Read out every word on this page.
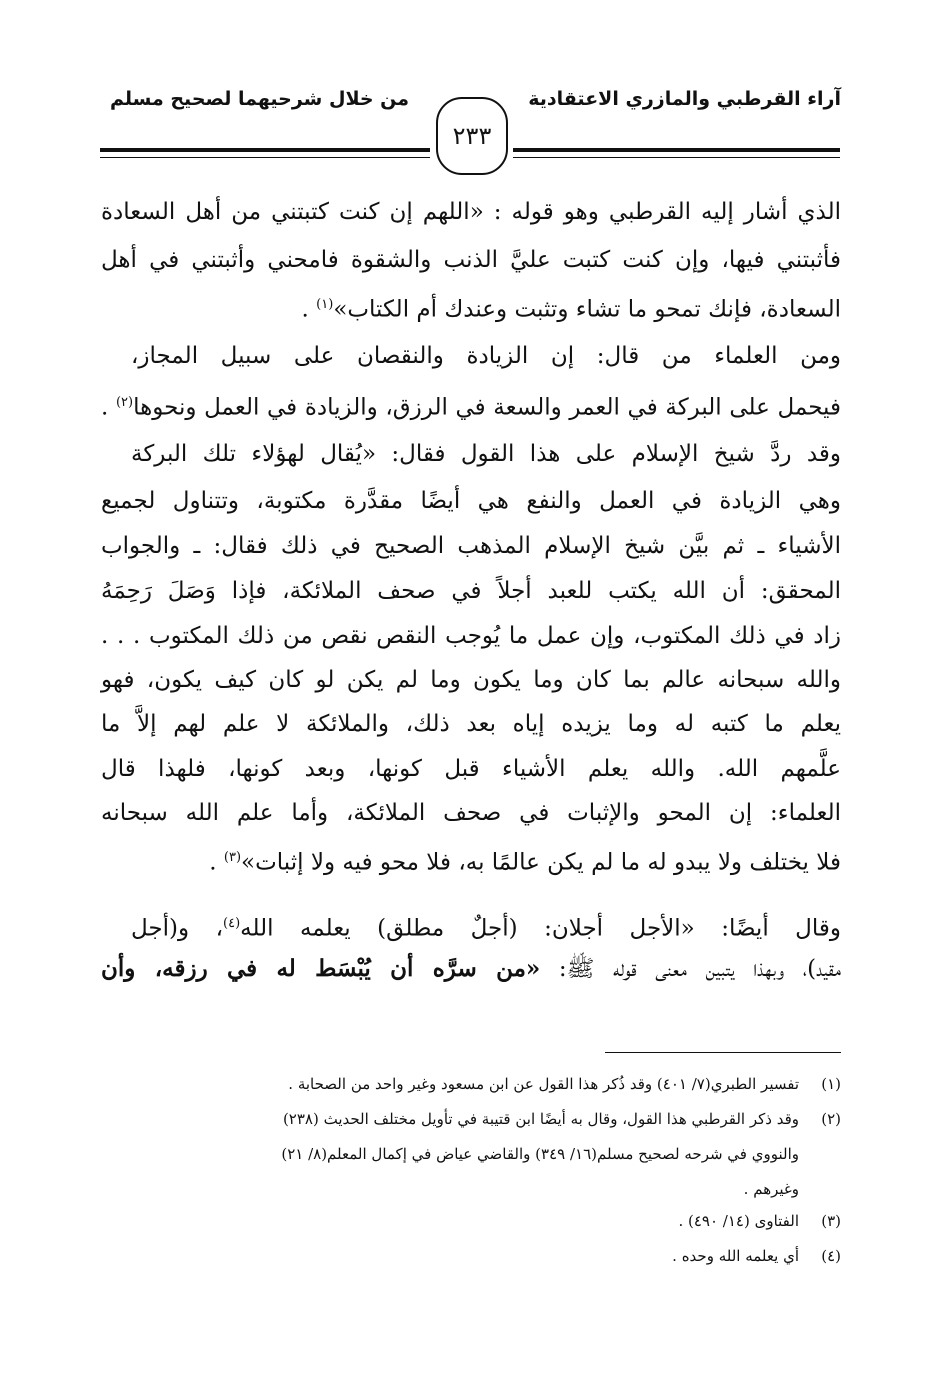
آراء القرطبي والمازري الاعتقادية
من خلال شرحيهما لصحيح مسلم
٢٣٣
الذي أشار إليه القرطبي وهو قوله : «اللهم إن كنت كتبتني من أهل السعادة
فأثبتني فيها، وإن كنت كتبت عليَّ الذنب والشقوة فامحني وأثبتني في أهل
السعادة، فإنك تمحو ما تشاء وتثبت وعندك أم الكتاب»$^{(١)}$ .
ومن العلماء من قال: إن الزيادة والنقصان على سبيل المجاز،
فيحمل على البركة في العمر والسعة في الرزق، والزيادة في العمل ونحوها$^{(٢)}$ .
وقد ردَّ شيخ الإسلام على هذا القول فقال: «يُقال لهؤلاء تلك البركة
وهي الزيادة في العمل والنفع هي أيضًا مقدَّرة مكتوبة، وتتناول لجميع
الأشياء ـ ثم بيَّن شيخ الإسلام المذهب الصحيح في ذلك فقال: ـ والجواب
المحقق: أن الله يكتب للعبد أجلاً في صحف الملائكة، فإذا وَصَلَ رَحِمَهُ
زاد في ذلك المكتوب، وإن عمل ما يُوجب النقص نقص من ذلك المكتوب . . .
والله سبحانه عالم بما كان وما يكون وما لم يكن لو كان كيف يكون، فهو
يعلم ما كتبه له وما يزيده إياه بعد ذلك، والملائكة لا علم لهم إلاَّ ما
علَّمهم الله. والله يعلم الأشياء قبل كونها، وبعد كونها، فلهذا قال
العلماء: إن المحو والإثبات في صحف الملائكة، وأما علم الله سبحانه
فلا يختلف ولا يبدو له ما لم يكن عالمًا به، فلا محو فيه ولا إثبات»$^{(٣)}$ .
وقال أيضًا: «الأجل أجلان: (أجلٌ مطلق) يعلمه الله$^{(٤)}$، و(أجل
مقيد)، وبهذا يتبين معنى قوله ﷺ: «من سرَّه أن يُبْسَط له في رزقه، وأن
(١)تفسير الطبري(٧/ ٤٠١) وقد ذُكر هذا القول عن ابن مسعود وغير واحد من الصحابة .
(٢)وقد ذكر القرطبي هذا القول، وقال به أيضًا ابن قتيبة في تأويل مختلف الحديث (٢٣٨)
والنووي في شرحه لصحيح مسلم(١٦/ ٣٤٩) والقاضي عياض في إكمال المعلم(٨/ ٢١)
وغيرهم .
(٣)الفتاوى (١٤/ ٤٩٠) .
(٤)أي يعلمه الله وحده .
